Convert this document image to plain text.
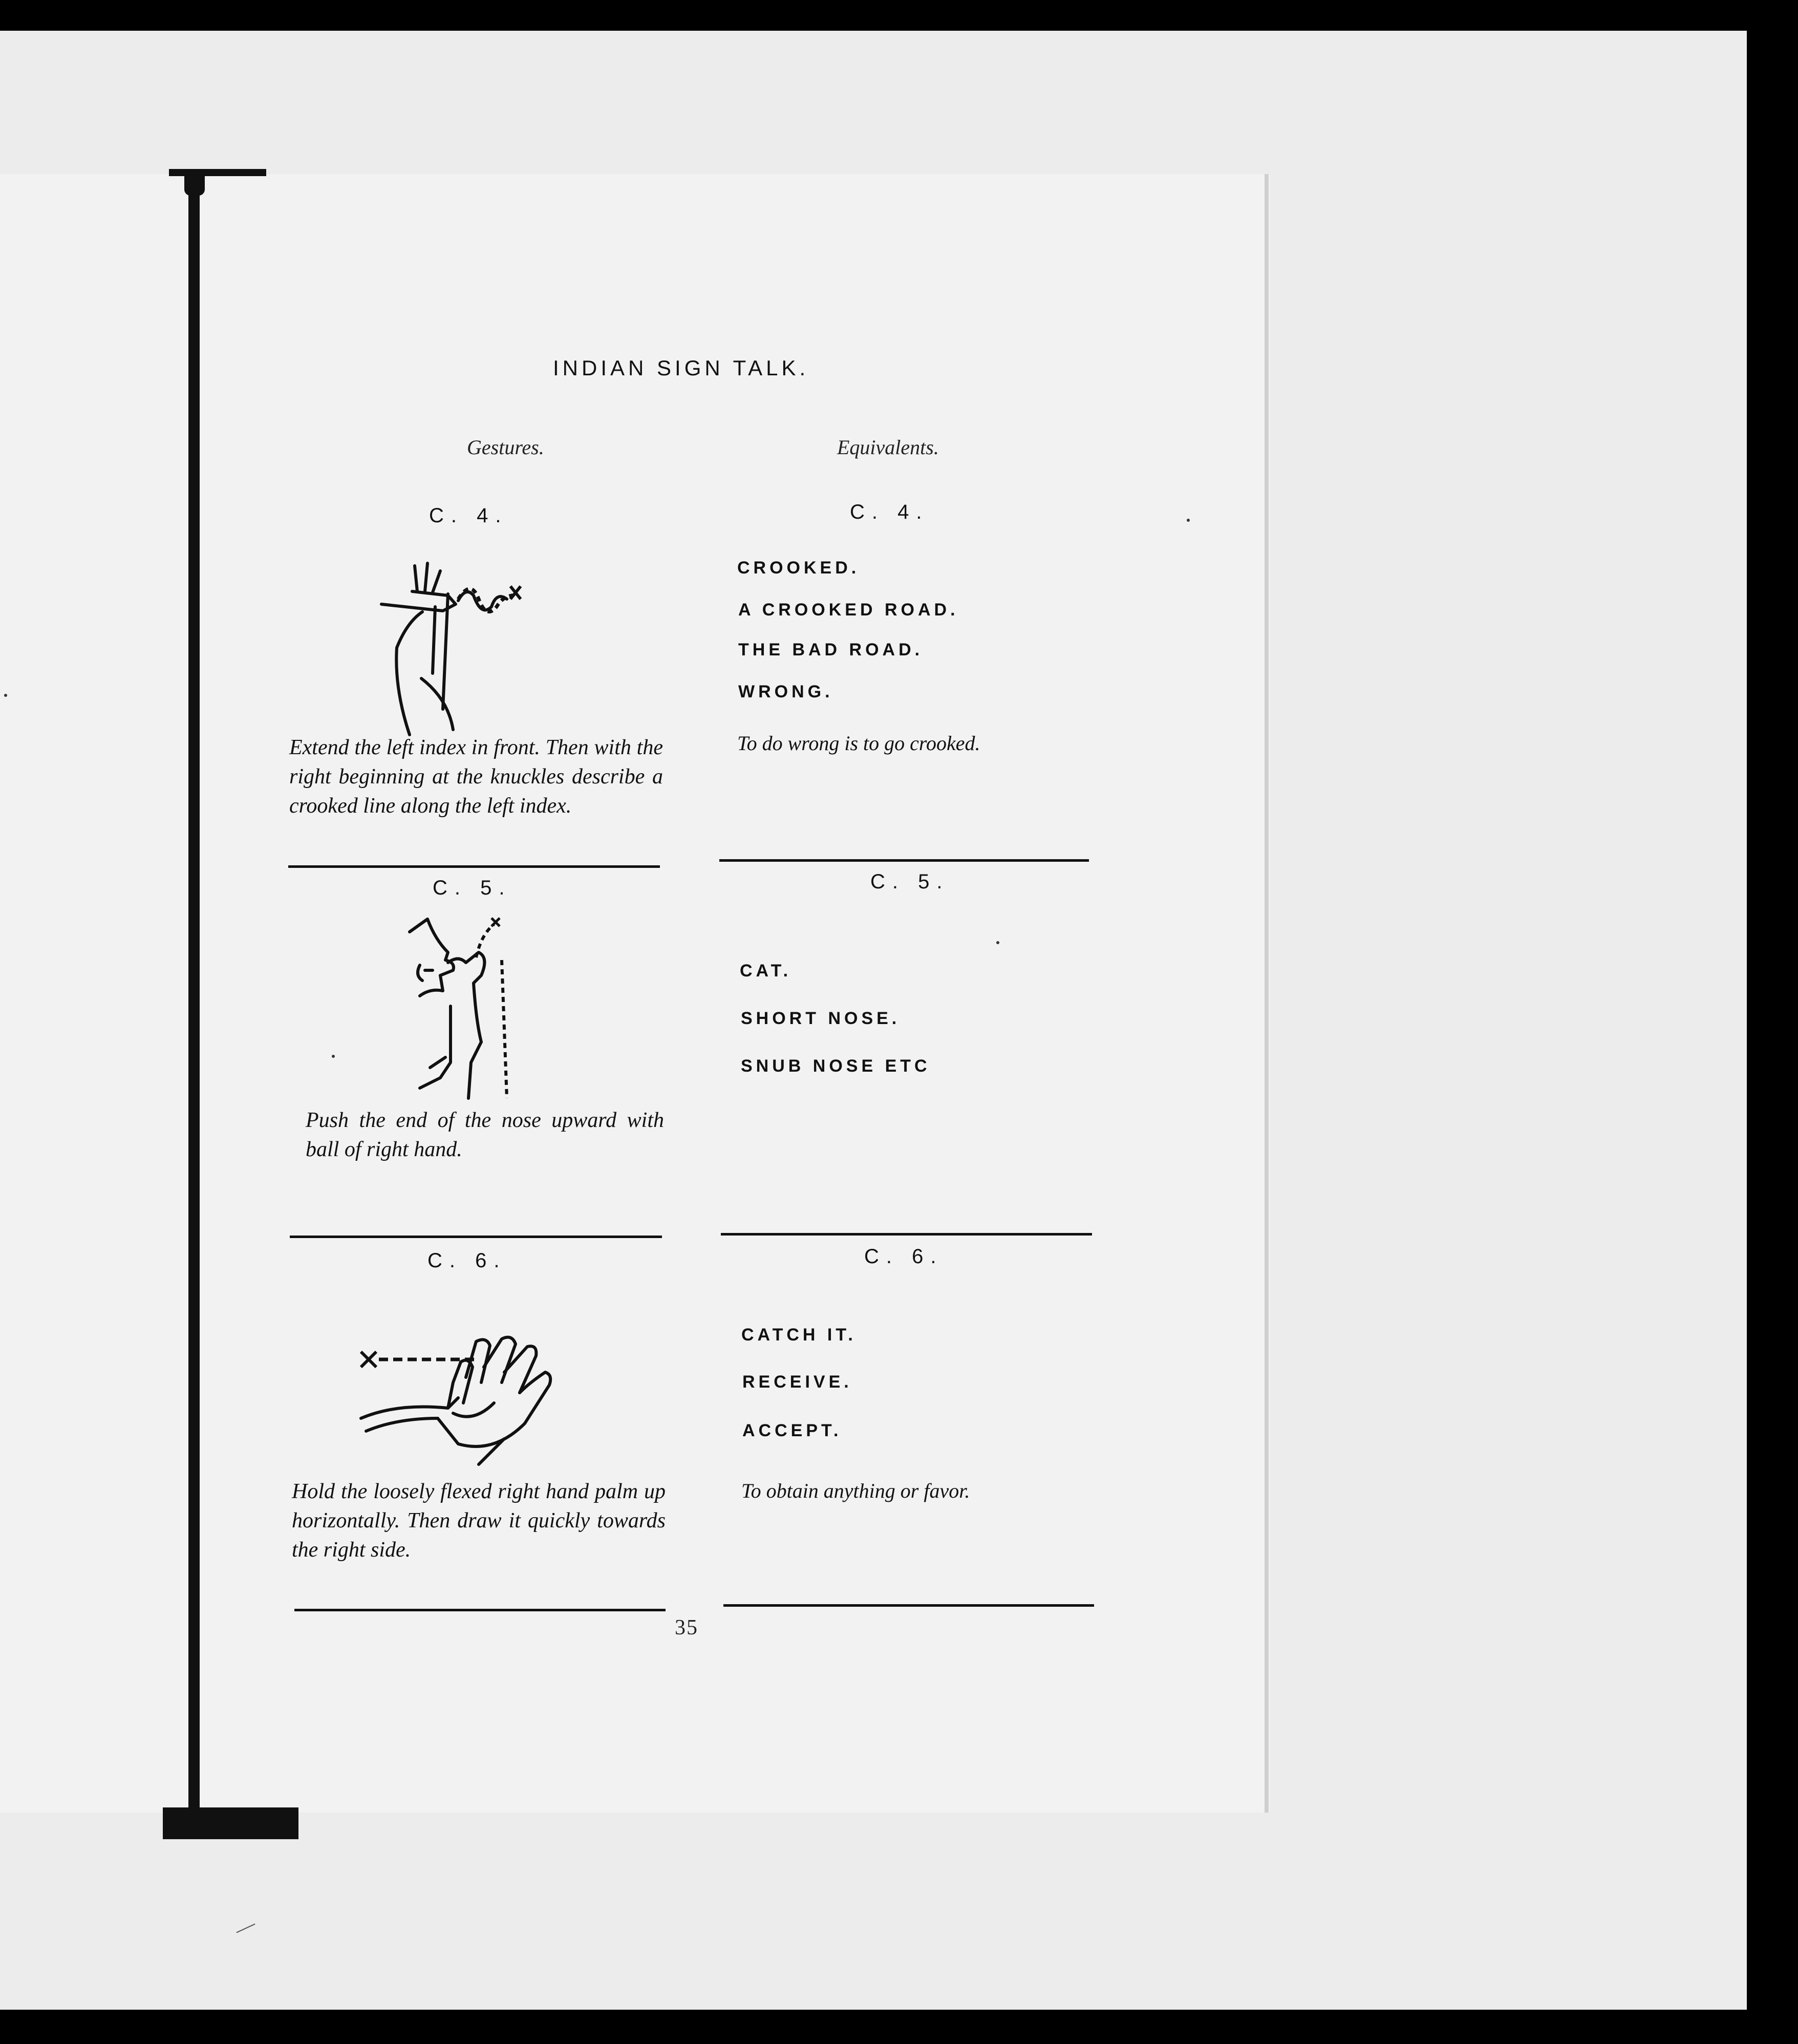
INDIAN SIGN TALK.
Gestures.	Equivalents.
C. 4.
Extend the left index in front. Then with the right beginning at the knuckles describe a crooked line along the left index.
C. 4.
CROOKED.
A CROOKED ROAD.
THE BAD ROAD.
WRONG.
To do wrong is to go crooked.
C. 5.
Push the end of the nose upward with ball of right hand.
C. 5.
CAT.
SHORT NOSE.
SNUB NOSE ETC
C. 6.
Hold the loosely flexed right hand palm up horizontally. Then draw it quickly towards the right side.
C. 6.
CATCH IT.
RECEIVE.
ACCEPT.
To obtain anything or favor.
35
